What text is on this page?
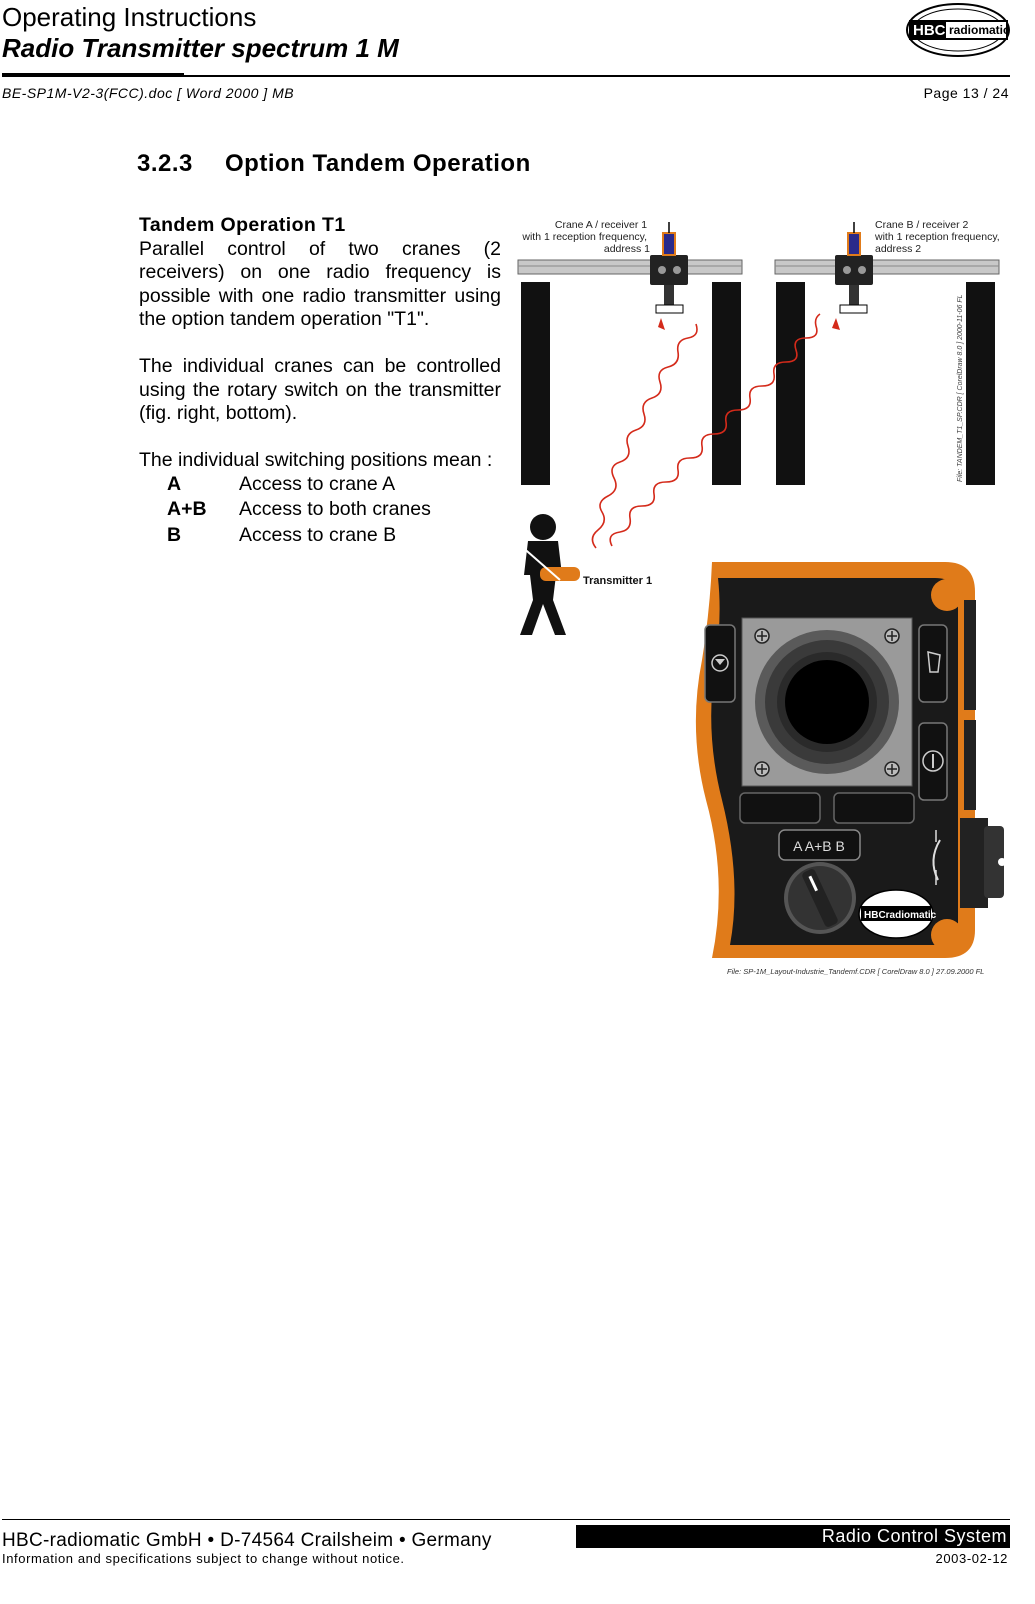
Operating Instructions
Radio Transmitter spectrum 1 M
BE-SP1M-V2-3(FCC).doc [ Word 2000 ] MB	Page 13 / 24
HBC radiomatic
3.2.3 Option Tandem Operation

Tandem Operation T1

Parallel control of two cranes (2 receivers) on one radio frequency is possible with one radio transmitter using the option tandem operation "T1".

The individual cranes can be controlled using the rotary switch on the transmitter (fig. right, bottom).

The individual switching positions mean :

A	Access to crane A
A+B	Access to both cranes
B	Access to crane B
Crane A / receiver 1 with 1 reception frequency, address 1
Crane B / receiver 2 with 1 reception frequency, address 2
File: TANDEM_T1_SP.CDR [ CorelDraw 8.0 ] 2000-11-06 FL
Transmitter 1
A A+B B
HBCradiomatic
File: SP-1M_Layout-Industrie_Tandemf.CDR [ CorelDraw 8.0 ] 27.09.2000 FL
HBC-radiomatic GmbH • D-74564 Crailsheim • Germany
Information and specifications subject to change without notice.
Radio Control System
2003-02-12
